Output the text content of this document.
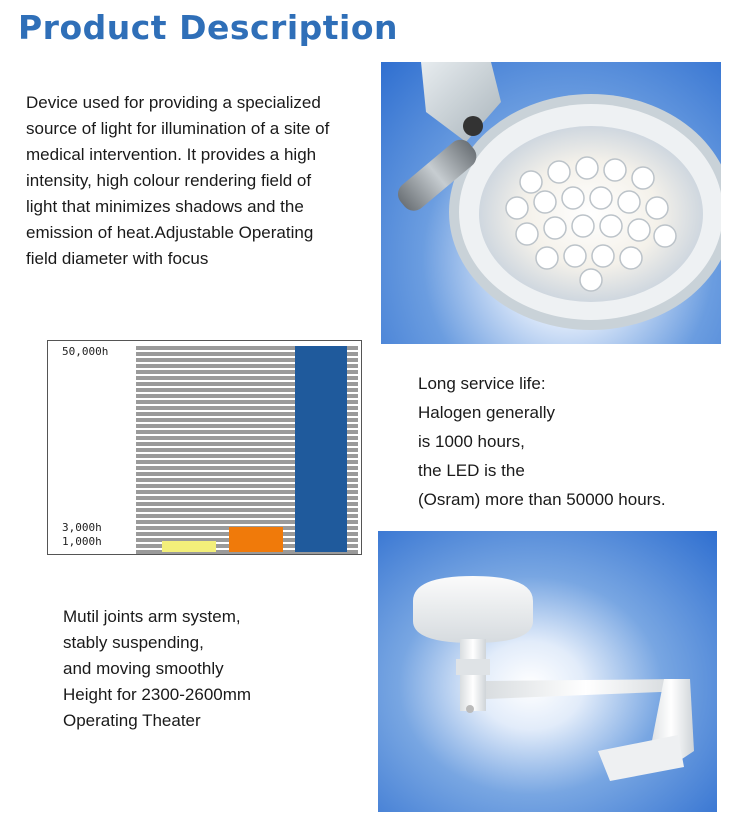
Product Description
Device used for providing a specialized
source of light for illumination of a site of
medical intervention. It provides a high
intensity, high colour rendering field of
light that minimizes shadows and the
emission of heat.Adjustable Operating
field diameter with focus
50,000h
3,000h
1,000h
Long service life:
Halogen generally
is 1000 hours,
the LED is the
(Osram) more than 50000 hours.
Mutil joints arm system,
stably suspending,
and moving smoothly
Height for 2300-2600mm
Operating Theater
